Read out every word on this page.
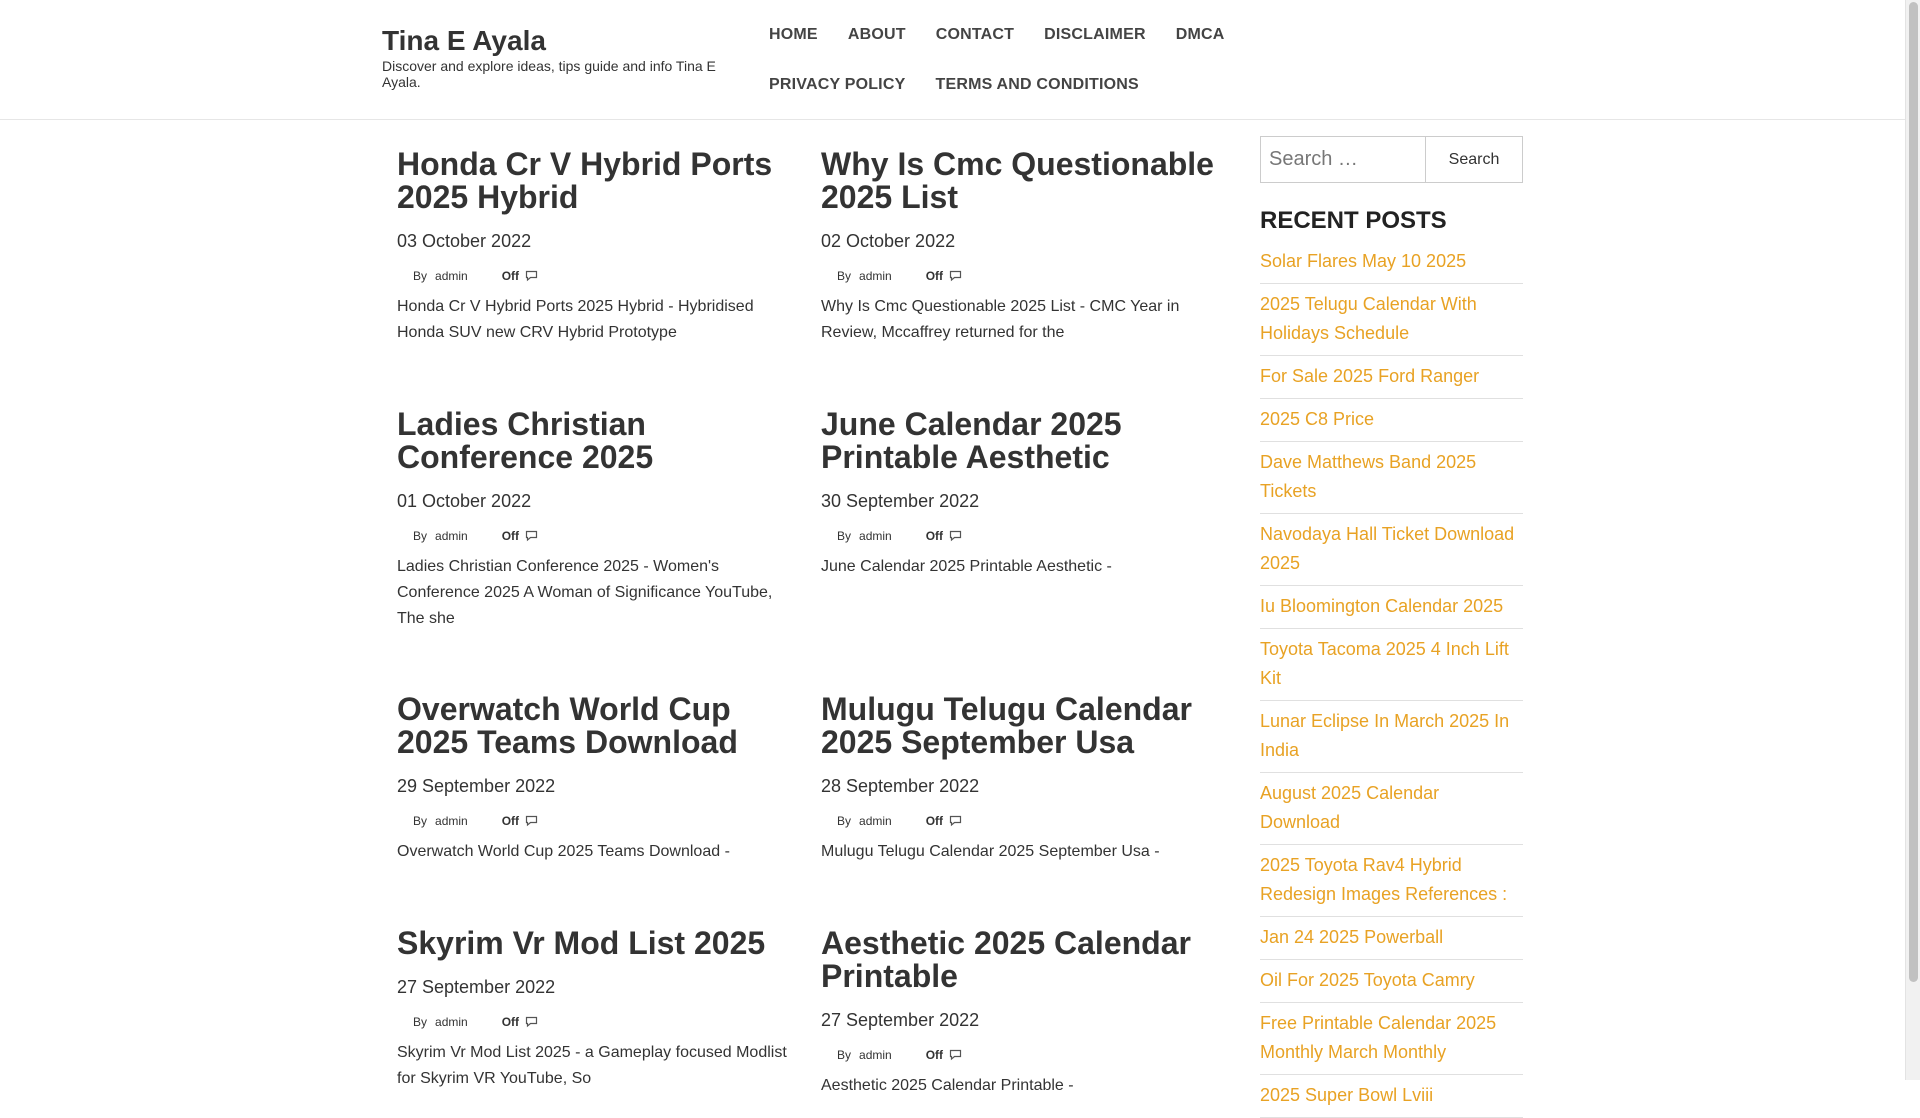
Tina E Ayala

Discover and explore ideas, tips guide and info Tina E Ayala.

HOME ABOUT CONTACT DISCLAIMER DMCA
PRIVACY POLICY TERMS AND CONDITIONS
Honda Cr V Hybrid Ports 2025 Hybrid
03 October 2022
By admin	Off

Honda Cr V Hybrid Ports 2025 Hybrid - Hybridised Honda SUV new CRV Hybrid Prototype

Why Is Cmc Questionable 2025 List
02 October 2022
By admin	Off

Why Is Cmc Questionable 2025 List - CMC Year in Review, Mccaffrey returned for the

Ladies Christian Conference 2025
01 October 2022
By admin	Off

Ladies Christian Conference 2025 - Women's Conference 2025 A Woman of Significance YouTube, The she

June Calendar 2025 Printable Aesthetic
30 September 2022
By admin	Off

June Calendar 2025 Printable Aesthetic -

Overwatch World Cup 2025 Teams Download
29 September 2022
By admin	Off

Overwatch World Cup 2025 Teams Download -

Mulugu Telugu Calendar 2025 September Usa
28 September 2022
By admin	Off

Mulugu Telugu Calendar 2025 September Usa -

Skyrim Vr Mod List 2025
27 September 2022
By admin	Off

Skyrim Vr Mod List 2025 - a Gameplay focused Modlist for Skyrim VR YouTube, So

Aesthetic 2025 Calendar Printable
27 September 2022
By admin	Off

Aesthetic 2025 Calendar Printable -

Search …
Search
RECENT POSTS
Solar Flares May 10 2025
2025 Telugu Calendar With Holidays Schedule
For Sale 2025 Ford Ranger
2025 C8 Price
Dave Matthews Band 2025 Tickets
Navodaya Hall Ticket Download 2025
Iu Bloomington Calendar 2025
Toyota Tacoma 2025 4 Inch Lift Kit
Lunar Eclipse In March 2025 In India
August 2025 Calendar Download
2025 Toyota Rav4 Hybrid Redesign Images References :
Jan 24 2025 Powerball
Oil For 2025 Toyota Camry
Free Printable Calendar 2025 Monthly March Monthly
2025 Super Bowl Lviii
